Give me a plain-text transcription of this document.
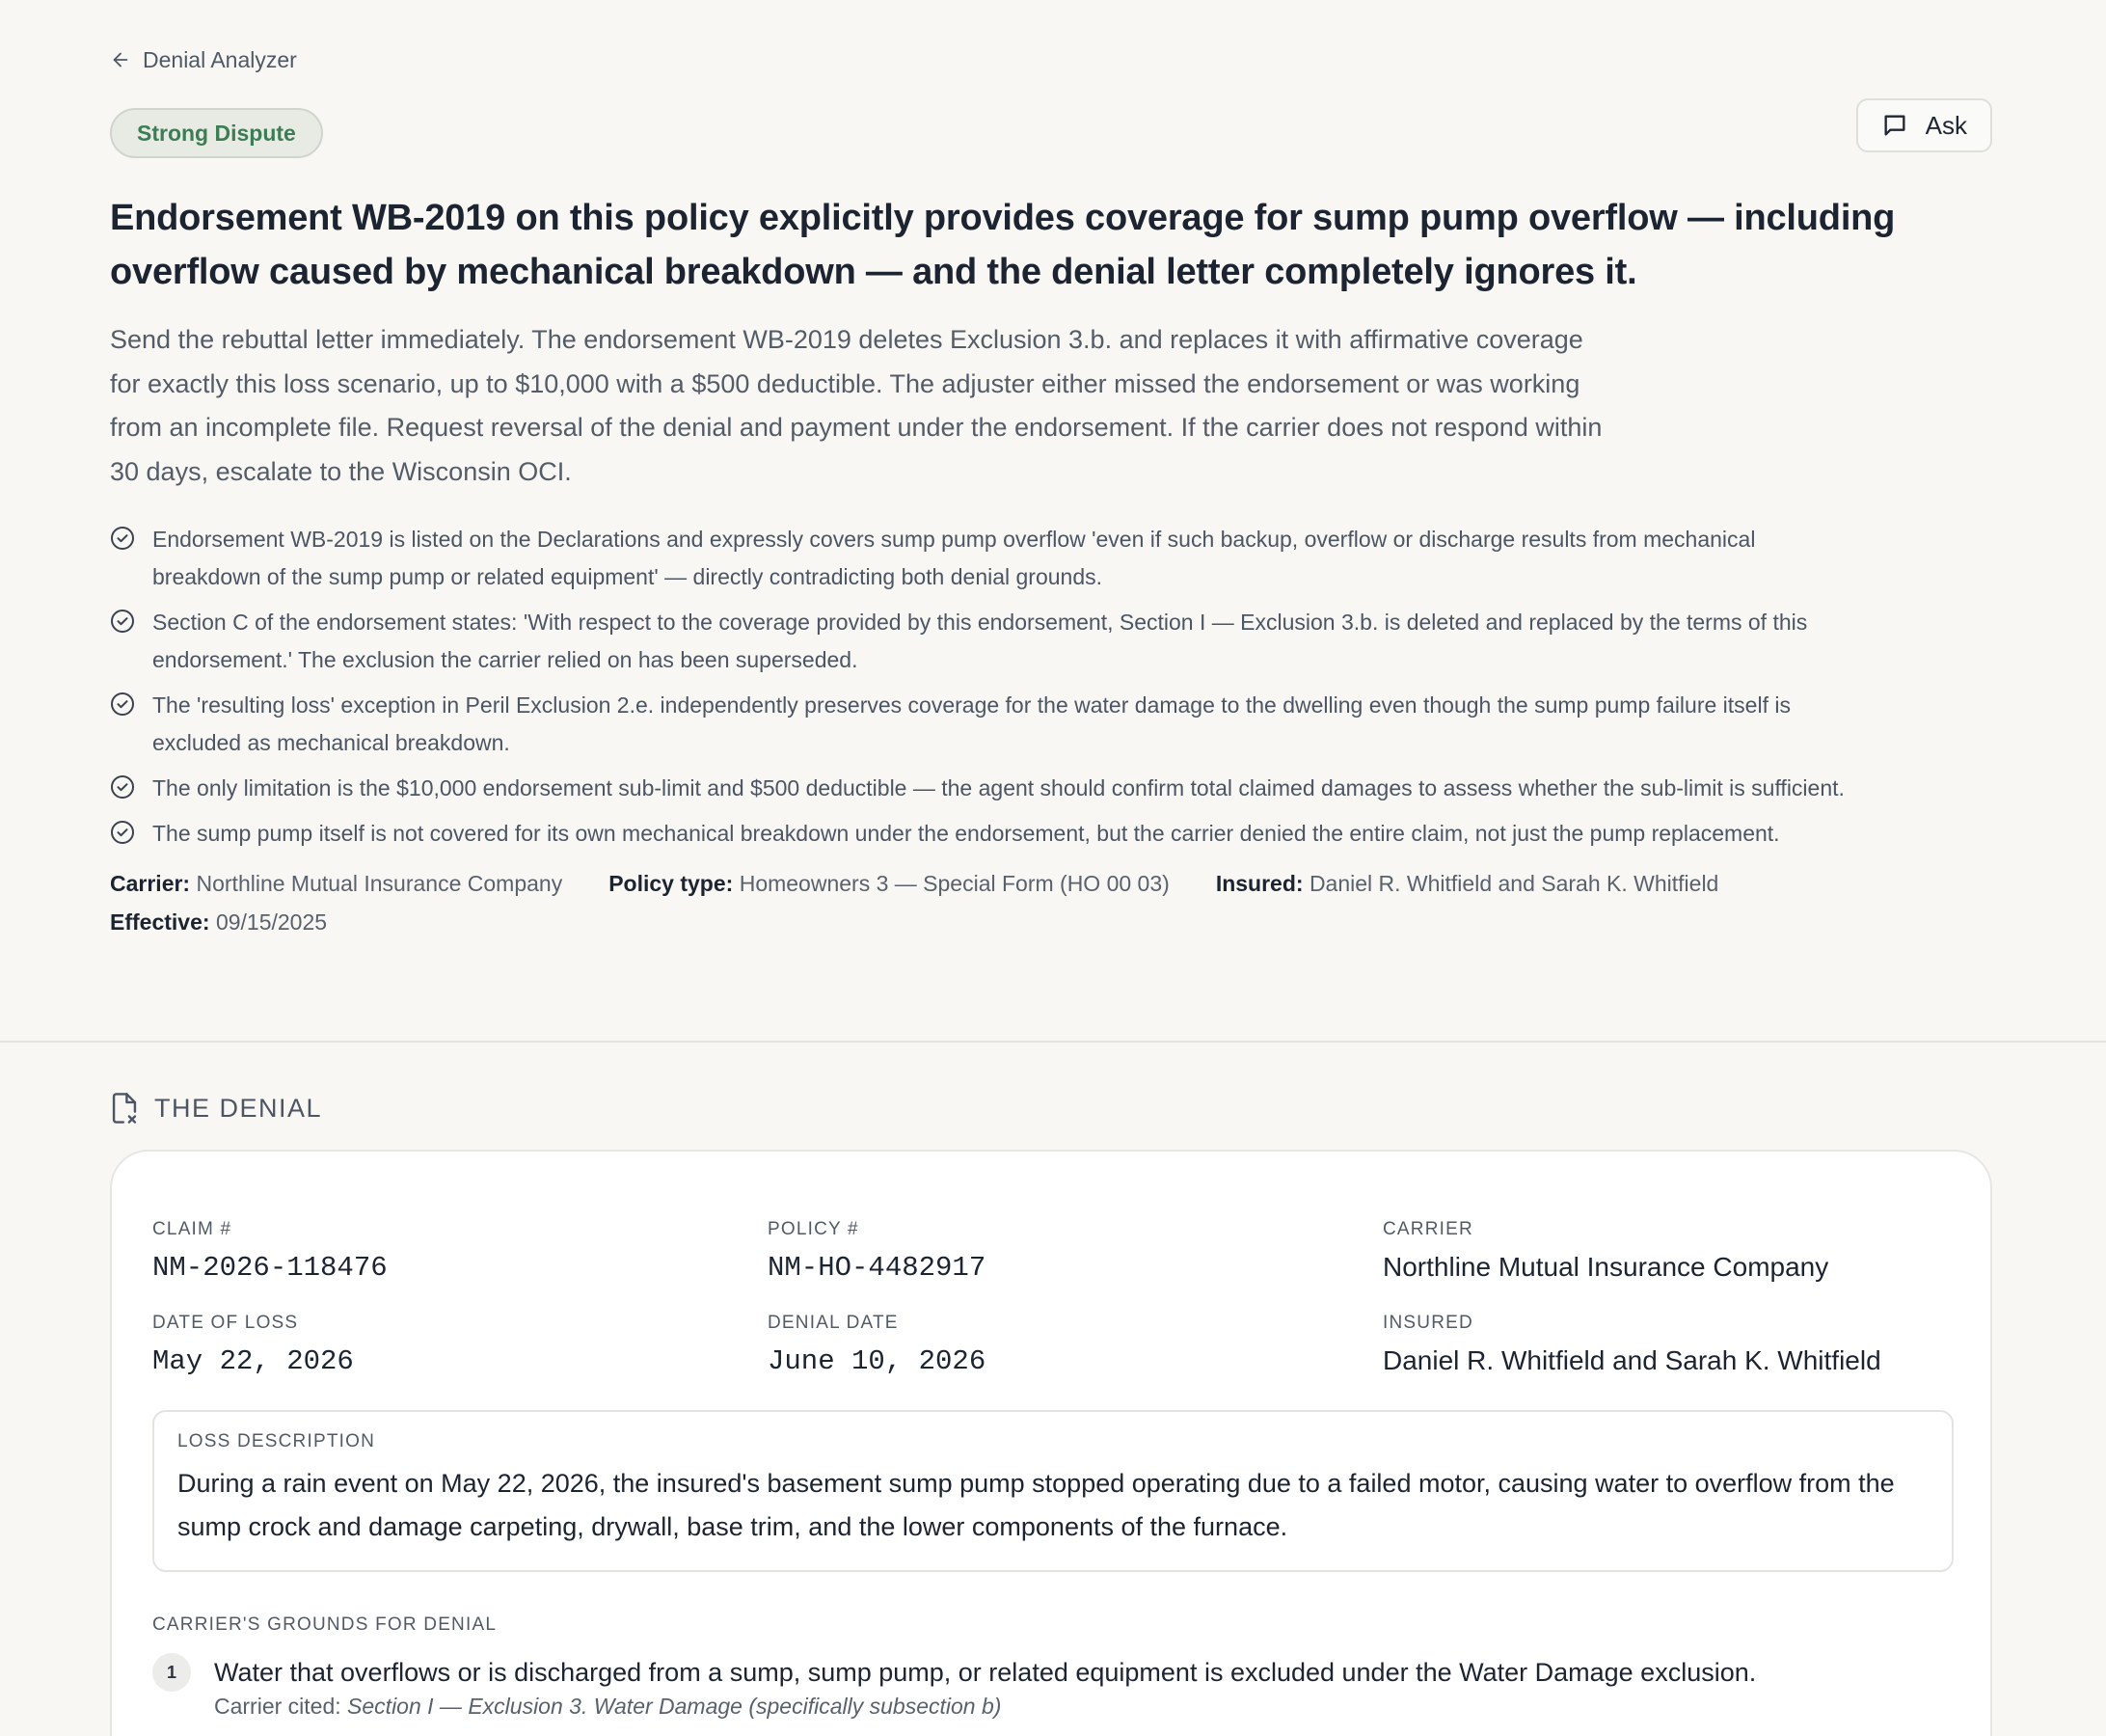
Denial Analyzer
Strong Dispute
Endorsement WB-2019 on this policy explicitly provides coverage for sump pump overflow — including overflow caused by mechanical breakdown — and the denial letter completely ignores it.

Send the rebuttal letter immediately. The endorsement WB-2019 deletes Exclusion 3.b. and replaces it with affirmative coverage for exactly this loss scenario, up to $10,000 with a $500 deductible. The adjuster either missed the endorsement or was working from an incomplete file. Request reversal of the denial and payment under the endorsement. If the carrier does not respond within 30 days, escalate to the Wisconsin OCI.

Endorsement WB-2019 is listed on the Declarations and expressly covers sump pump overflow 'even if such backup, overflow or discharge results from mechanical breakdown of the sump pump or related equipment' — directly contradicting both denial grounds.
Section C of the endorsement states: 'With respect to the coverage provided by this endorsement, Section I — Exclusion 3.b. is deleted and replaced by the terms of this endorsement.' The exclusion the carrier relied on has been superseded.
The 'resulting loss' exception in Peril Exclusion 2.e. independently preserves coverage for the water damage to the dwelling even though the sump pump failure itself is excluded as mechanical breakdown.
The only limitation is the $10,000 endorsement sub-limit and $500 deductible — the agent should confirm total claimed damages to assess whether the sub-limit is sufficient.
The sump pump itself is not covered for its own mechanical breakdown under the endorsement, but the carrier denied the entire claim, not just the pump replacement.
Carrier: Northline Mutual Insurance Company Policy type: Homeowners 3 — Special Form (HO 00 03) Insured: Daniel R. Whitfield and Sarah K. Whitfield
Effective: 09/15/2025
Ask
THE DENIAL
CLAIM #
NM-2026-118476
POLICY #
NM-HO-4482917
CARRIER
Northline Mutual Insurance Company
DATE OF LOSS
May 22, 2026
DENIAL DATE
June 10, 2026
INSURED
Daniel R. Whitfield and Sarah K. Whitfield
LOSS DESCRIPTION
During a rain event on May 22, 2026, the insured's basement sump pump stopped operating due to a failed motor, causing water to overflow from the sump crock and damage carpeting, drywall, base trim, and the lower components of the furnace.
CARRIER'S GROUNDS FOR DENIAL
1	Water that overflows or is discharged from a sump, sump pump, or related equipment is excluded under the Water Damage exclusion.
Carrier cited: Section I — Exclusion 3. Water Damage (specifically subsection b)
